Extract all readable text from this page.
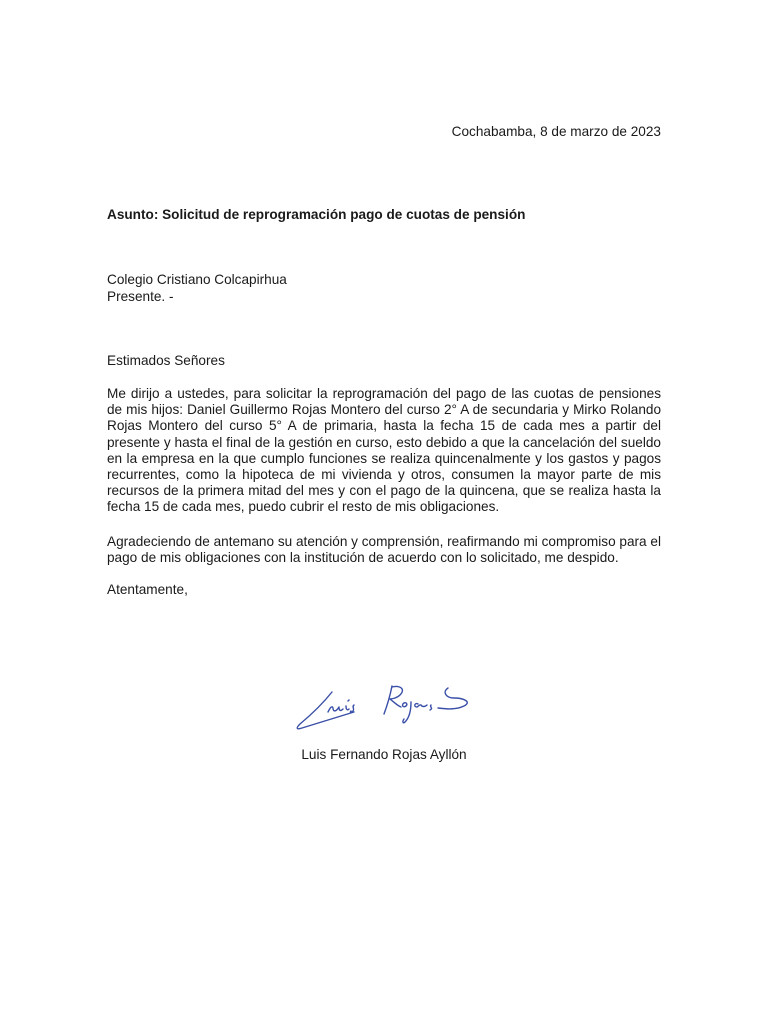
Cochabamba, 8 de marzo de 2023
Asunto: Solicitud de reprogramación pago de cuotas de pensión
Colegio Cristiano Colcapirhua
Presente. -
Estimados Señores

Me dirijo a ustedes, para solicitar la reprogramación del pago de las cuotas de pensiones de mis hijos: Daniel Guillermo Rojas Montero del curso 2° A de secundaria y Mirko Rolando Rojas Montero del curso 5° A de primaria, hasta la fecha 15 de cada mes a partir del presente y hasta el final de la gestión en curso, esto debido a que la cancelación del sueldo en la empresa en la que cumplo funciones se realiza quincenalmente y los gastos y pagos recurrentes, como la hipoteca de mi vivienda y otros, consumen la mayor parte de mis recursos de la primera mitad del mes y con el pago de la quincena, que se realiza hasta la fecha 15 de cada mes, puedo cubrir el resto de mis obligaciones.

Agradeciendo de antemano su atención y comprensión, reafirmando mi compromiso para el pago de mis obligaciones con la institución de acuerdo con lo solicitado, me despido.

Atentamente,
Luis Fernando Rojas Ayllón
